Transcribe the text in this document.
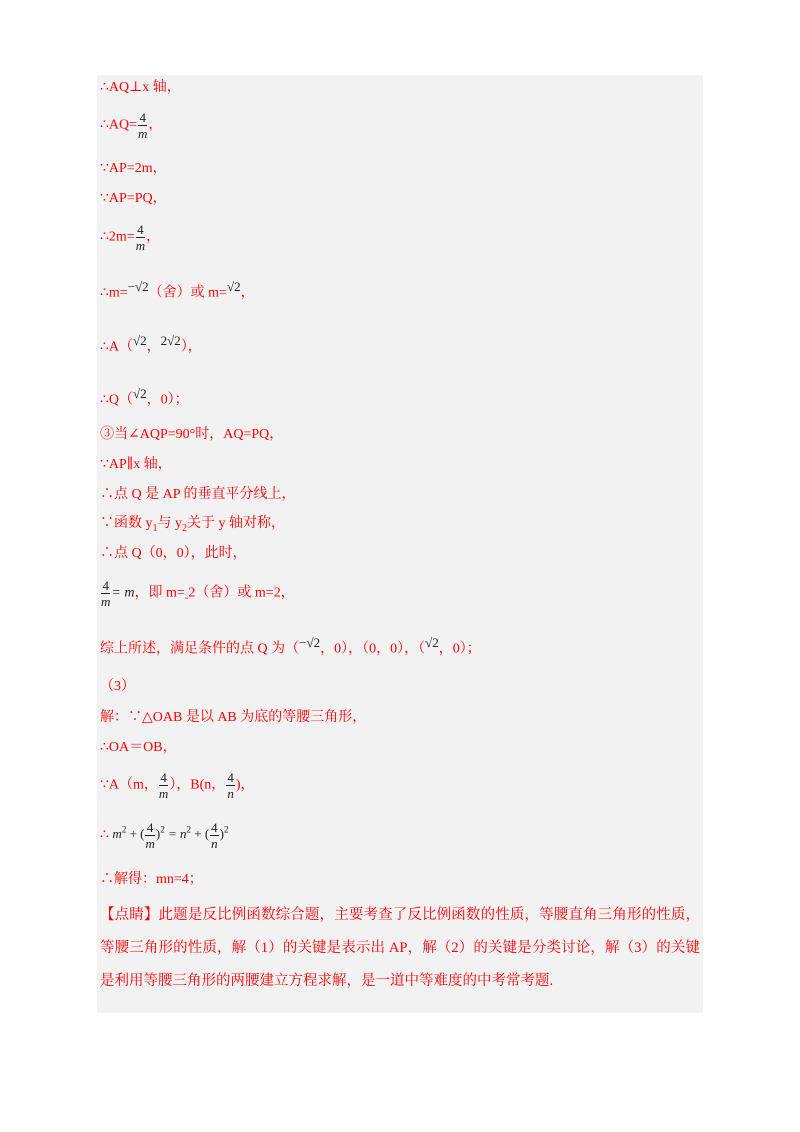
∴AQ⊥x 轴，
∴AQ= $\frac{4}{m}$ ，
∵AP=2m，
∵AP=PQ，
∴2m= $\frac{4}{m}$ ，
∴m=−√2（舍）或 m=√2，
∴A（√2，2√2），
∴Q（√2，0）；
③当∠AQP=90°时，AQ=PQ，
∵AP∥x 轴，
∴点 Q 是 AP 的垂直平分线上，
∵函数 $y_1$与 $y_2$关于 y 轴对称，
∴点 Q（0，0），此时，
$\frac{4}{m} = m$，即 $m=_-2$（舍）或 m=2，
综上所述，满足条件的点 Q 为（−√2，0），（0，0），（√2，0）；
（3）
解：∵△OAB 是以 AB 为底的等腰三角形，
∴OA＝OB，
∵A（m， $\frac{4}{m}$ ），B(n， $\frac{4}{n}$ )，
∴ $m^2$ + ( $\frac{4}{m} )^2 = n^2$ + ( $\frac{4}{n} )^2$
∴解得：mn=4；
【点睛】此题是反比例函数综合题，主要考查了反比例函数的性质，等腰直角三角形的性质，等腰三角形的性质，解（1）的关键是表示出 AP，解（2）的关键是分类讨论，解（3）的关键是利用等腰三角形的两腰建立方程求解，是一道中等难度的中考常考题.
